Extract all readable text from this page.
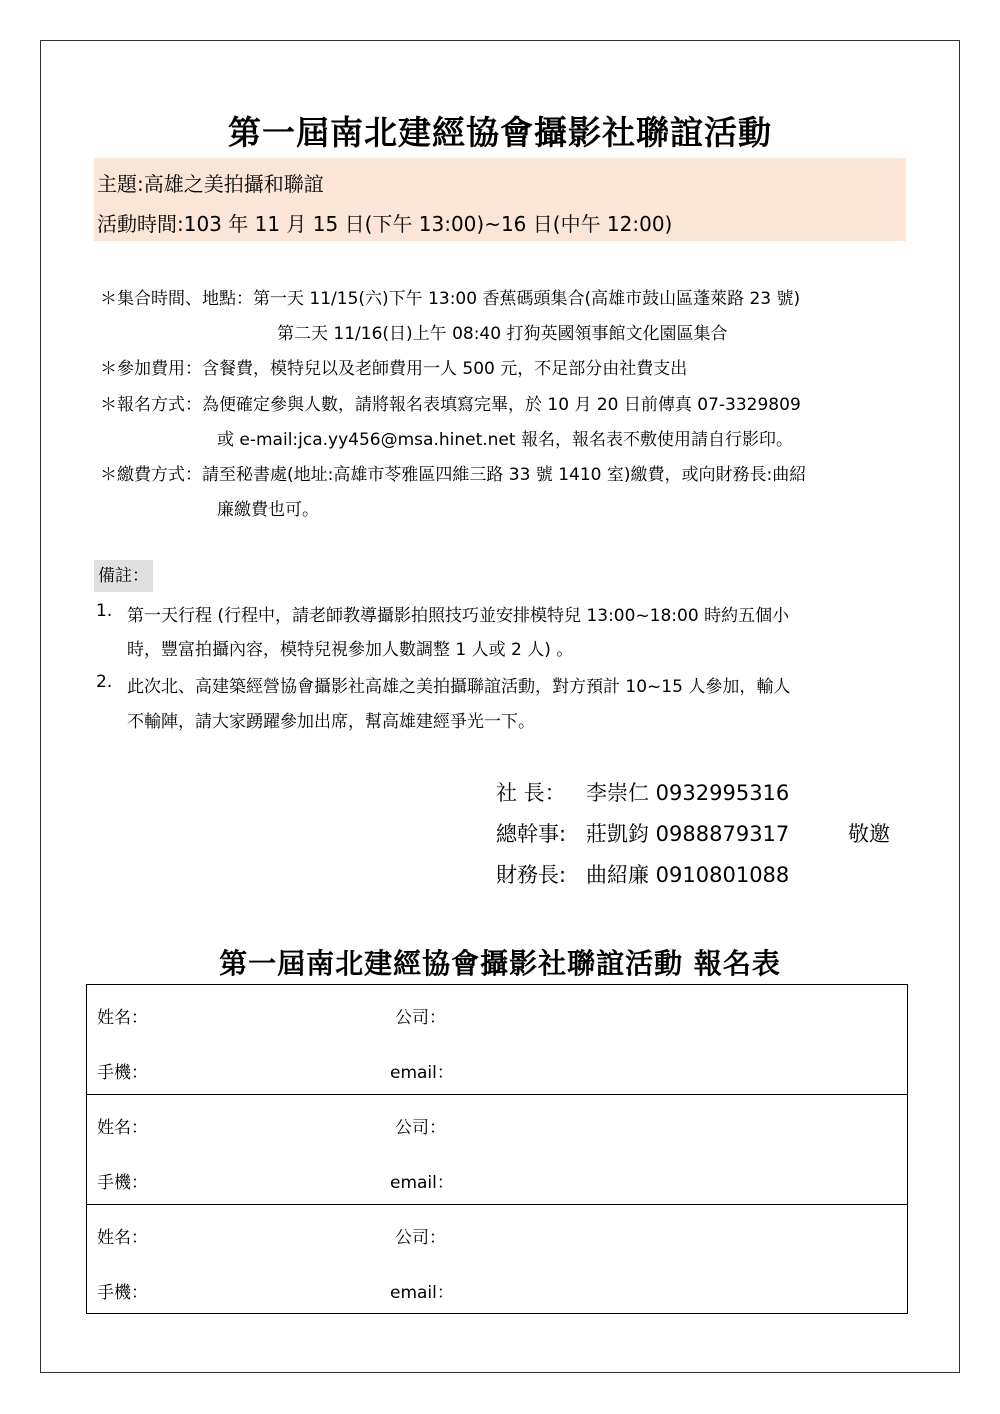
第一屆南北建經協會攝影社聯誼活動
主題:高雄之美拍攝和聯誼
活動時間:103 年 11 月 15 日(下午 13:00)~16 日(中午 12:00)
＊集合時間、地點：第一天 11/15(六)下午 13:00 香蕉碼頭集合(高雄市鼓山區蓬萊路 23 號)
第二天 11/16(日)上午 08:40 打狗英國領事館文化園區集合
＊參加費用：含餐費，模特兒以及老師費用一人 500 元，不足部分由社費支出
＊報名方式：為便確定參與人數，請將報名表填寫完畢，於 10 月 20 日前傳真 07-3329809
或 e-mail:jca.yy456@msa.hinet.net 報名，報名表不敷使用請自行影印。
＊繳費方式：請至秘書處(地址:高雄市苓雅區四維三路 33 號 1410 室)繳費，或向財務長:曲紹
廉繳費也可。
備註：
1. 第一天行程 (行程中，請老師教導攝影拍照技巧並安排模特兒 13:00~18:00 時約五個小
時，豐富拍攝內容，模特兒視參加人數調整 1 人或 2 人) 。
2. 此次北、高建築經營協會攝影社高雄之美拍攝聯誼活動，對方預計 10~15 人參加，輸人
不輸陣，請大家踴躍參加出席，幫高雄建經爭光一下。
社 長： 李崇仁 0932995316
總幹事: 莊凱鈞 0988879317	敬邀
財務長: 曲紹廉 0910801088
第一屆南北建經協會攝影社聯誼活動 報名表
姓名：	公司：
手機：	email：
姓名：	公司：
手機：	email：
姓名：	公司：
手機：	email：
